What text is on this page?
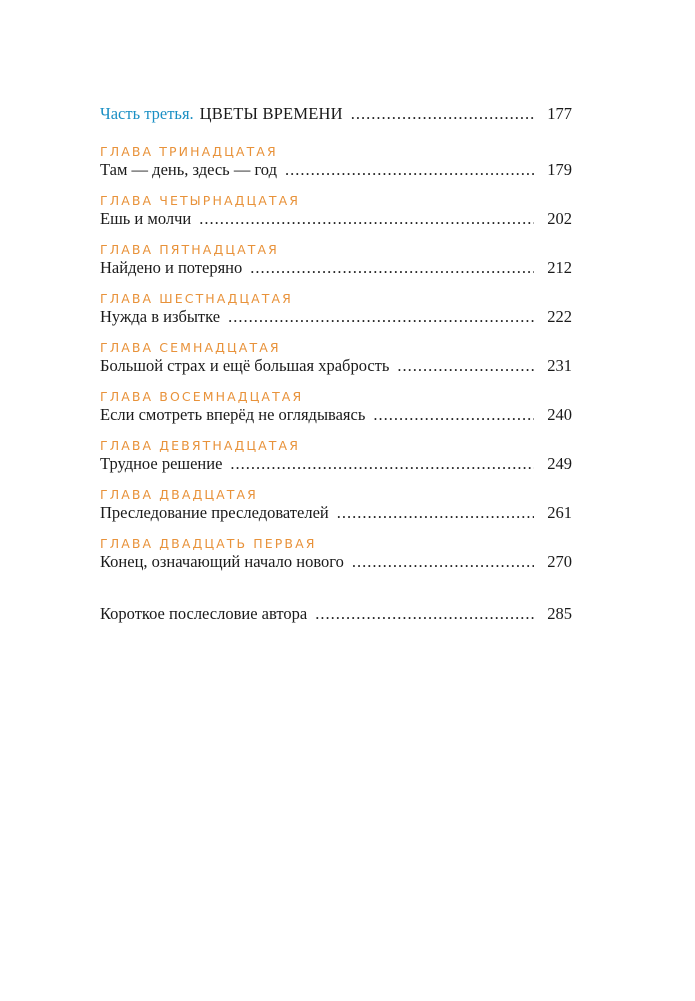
Часть третья. ЦВЕТЫ ВРЕМЕНИ .....	177
ГЛАВА ТРИНАДЦАТАЯ
Там — день, здесь — год .....	179
ГЛАВА ЧЕТЫРНАДЦАТАЯ
Ешь и молчи .....	202
ГЛАВА ПЯТНАДЦАТАЯ
Найдено и потеряно .....	212
ГЛАВА ШЕСТНАДЦАТАЯ
Нужда в избытке .....	222
ГЛАВА СЕМНАДЦАТАЯ
Большой страх и ещё большая храбрость .....	231
ГЛАВА ВОСЕМНАДЦАТАЯ
Если смотреть вперёд не оглядываясь .....	240
ГЛАВА ДЕВЯТНАДЦАТАЯ
Трудное решение .....	249
ГЛАВА ДВАДЦАТАЯ
Преследование преследователей .....	261
ГЛАВА ДВАДЦАТЬ ПЕРВАЯ
Конец, означающий начало нового .....	270
Короткое послесловие автора .....	285
